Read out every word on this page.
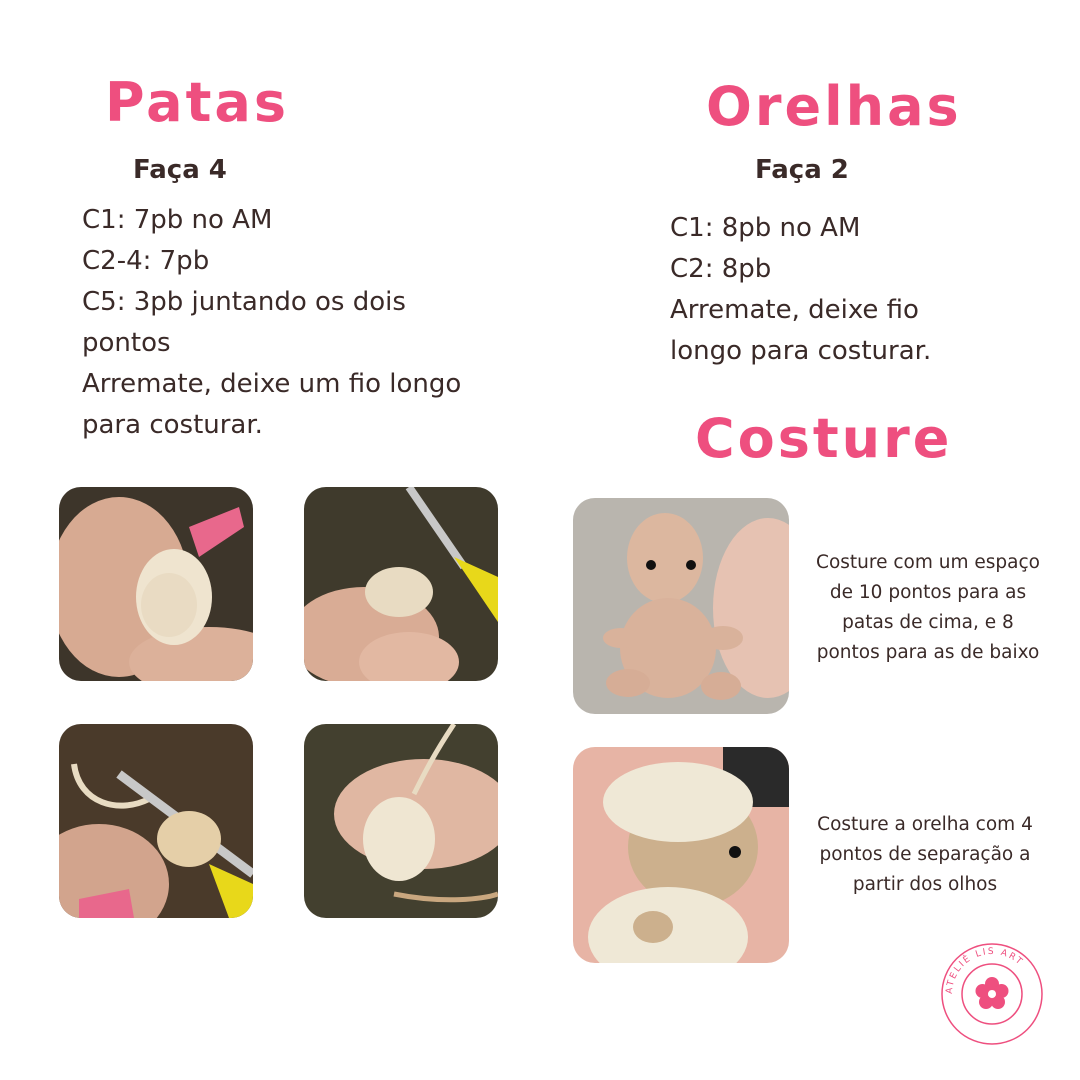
Patas
Faça 4
C1: 7pb no AM
C2-4: 7pb
C5: 3pb juntando os dois
pontos
Arremate, deixe um fio longo
para costurar.
Orelhas
Faça 2
C1: 8pb no AM
C2: 8pb
Arremate, deixe fio
longo para costurar.
Costure

Costure com um espaço
de 10 pontos para as
patas de cima, e 8
pontos para as de baixo

Costure a orelha com 4
pontos de separação a
partir dos olhos

ATELIÊ LIS ART
